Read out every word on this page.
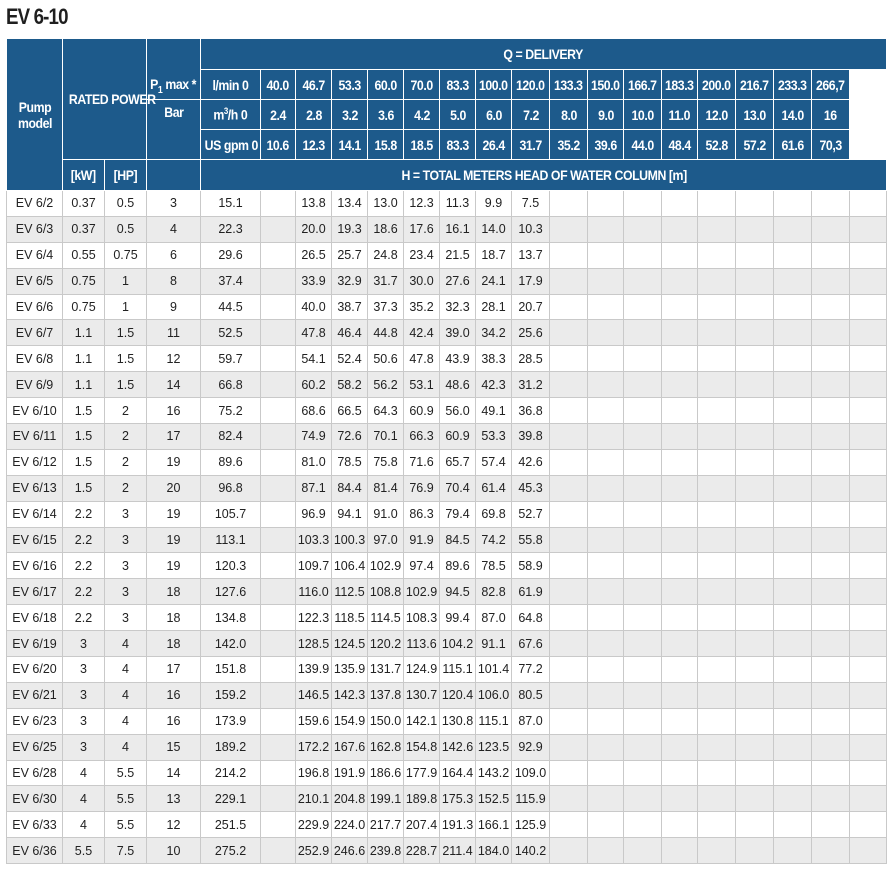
EV 6-10
Pump model	RATED POWER		$P_1$ max *	Q = DELIVERY																	
				l/min 0	40.0	46.7	53.3	60.0	70.0	83.3	100.0	120.0	133.3	150.0	166.7	183.3	200.0	216.7	233.3	266,7	
			Bar	$m^3/h$ 0	2.4	2.8	3.2	3.6	4.2	5.0	6.0	7.2	8.0	9.0	10.0	11.0	12.0	13.0	14.0	16	
				US gpm 0	10.6	12.3	14.1	15.8	18.5	83.3	26.4	31.7	35.2	39.6	44.0	48.4	52.8	57.2	61.6	70,3	
	[kW]	[HP]		H = TOTAL METERS HEAD OF WATER COLUMN [m]																	
EV 6/2	0.37	0.5	3	15.1		13.8	13.4	13.0	12.3	11.3	9.9	7.5									
EV 6/3	0.37	0.5	4	22.3		20.0	19.3	18.6	17.6	16.1	14.0	10.3									
EV 6/4	0.55	0.75	6	29.6		26.5	25.7	24.8	23.4	21.5	18.7	13.7									
EV 6/5	0.75	1	8	37.4		33.9	32.9	31.7	30.0	27.6	24.1	17.9									
EV 6/6	0.75	1	9	44.5		40.0	38.7	37.3	35.2	32.3	28.1	20.7									
EV 6/7	1.1	1.5	11	52.5		47.8	46.4	44.8	42.4	39.0	34.2	25.6									
EV 6/8	1.1	1.5	12	59.7		54.1	52.4	50.6	47.8	43.9	38.3	28.5									
EV 6/9	1.1	1.5	14	66.8		60.2	58.2	56.2	53.1	48.6	42.3	31.2									
EV 6/10	1.5	2	16	75.2		68.6	66.5	64.3	60.9	56.0	49.1	36.8									
EV 6/11	1.5	2	17	82.4		74.9	72.6	70.1	66.3	60.9	53.3	39.8									
EV 6/12	1.5	2	19	89.6		81.0	78.5	75.8	71.6	65.7	57.4	42.6									
EV 6/13	1.5	2	20	96.8		87.1	84.4	81.4	76.9	70.4	61.4	45.3									
EV 6/14	2.2	3	19	105.7		96.9	94.1	91.0	86.3	79.4	69.8	52.7									
EV 6/15	2.2	3	19	113.1		103.3	100.3	97.0	91.9	84.5	74.2	55.8									
EV 6/16	2.2	3	19	120.3		109.7	106.4	102.9	97.4	89.6	78.5	58.9									
EV 6/17	2.2	3	18	127.6		116.0	112.5	108.8	102.9	94.5	82.8	61.9									
EV 6/18	2.2	3	18	134.8		122.3	118.5	114.5	108.3	99.4	87.0	64.8									
EV 6/19	3	4	18	142.0		128.5	124.5	120.2	113.6	104.2	91.1	67.6									
EV 6/20	3	4	17	151.8		139.9	135.9	131.7	124.9	115.1	101.4	77.2									
EV 6/21	3	4	16	159.2		146.5	142.3	137.8	130.7	120.4	106.0	80.5									
EV 6/23	3	4	16	173.9		159.6	154.9	150.0	142.1	130.8	115.1	87.0									
EV 6/25	3	4	15	189.2		172.2	167.6	162.8	154.8	142.6	123.5	92.9									
EV 6/28	4	5.5	14	214.2		196.8	191.9	186.6	177.9	164.4	143.2	109.0									
EV 6/30	4	5.5	13	229.1		210.1	204.8	199.1	189.8	175.3	152.5	115.9									
EV 6/33	4	5.5	12	251.5		229.9	224.0	217.7	207.4	191.3	166.1	125.9									
EV 6/36	5.5	7.5	10	275.2		252.9	246.6	239.8	228.7	211.4	184.0	140.2									
